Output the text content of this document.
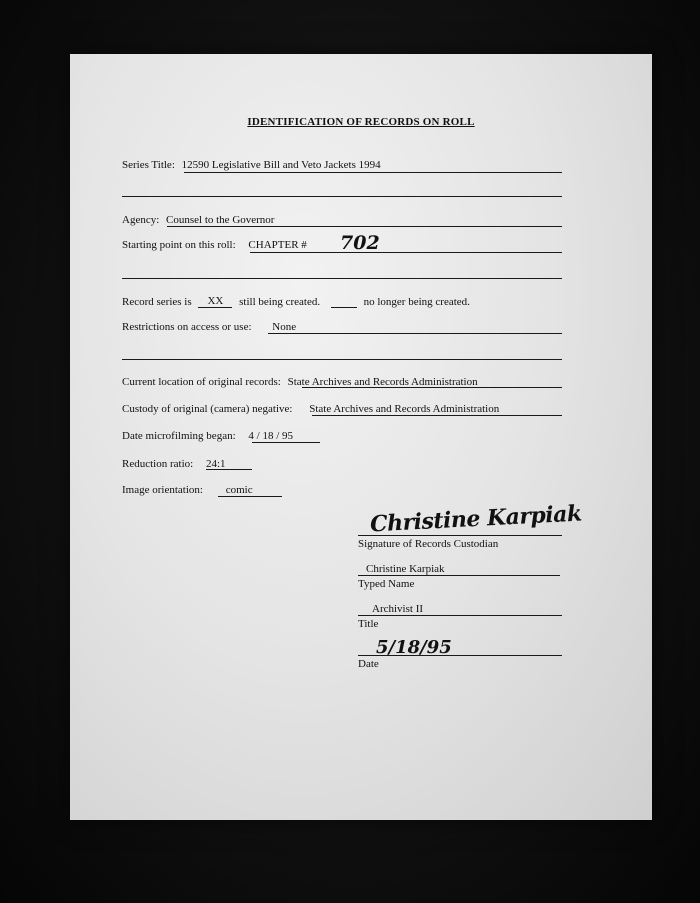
IDENTIFICATION OF RECORDS ON ROLL
Series Title: 12590 Legislative Bill and Veto Jackets 1994
Agency: Counsel to the Governor
Starting point on this roll: CHAPTER #	702
Record series is XX still being created.	no longer being created.
Restrictions on access or use: None
Current location of original records: State Archives and Records Administration
Custody of original (camera) negative: State Archives and Records Administration
Date microfilming began: 4 / 18 / 95
Reduction ratio: 24:1
Image orientation: comic
Christine Karpiak
Signature of Records Custodian
Christine Karpiak
Typed Name
Archivist II
Title
5/18/95
Date
